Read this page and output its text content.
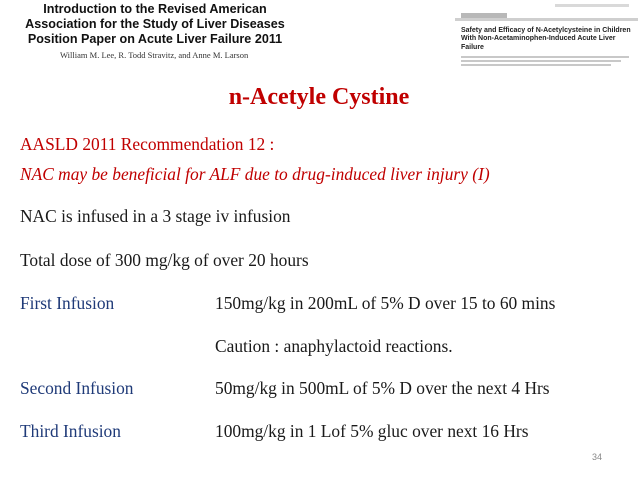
Introduction to the Revised American Association for the Study of Liver Diseases Position Paper on Acute Liver Failure 2011
William M. Lee, R. Todd Stravitz, and Anne M. Larson
Safety and Efficacy of N-Acetylcysteine in Children With Non-Acetaminophen-Induced Acute Liver Failure
n-Acetyle Cystine
AASLD 2011 Recommendation 12 :
NAC may be beneficial for ALF due to drug-induced liver injury (I)
NAC is infused in a 3 stage iv infusion
Total dose of 300 mg/kg of over 20 hours
First Infusion	150mg/kg in 200mL of 5% D over 15 to 60 mins
Caution : anaphylactoid reactions.
Second Infusion	50mg/kg in 500mL of 5% D over the next 4 Hrs
Third Infusion	100mg/kg in 1 Lof 5% gluc over next 16 Hrs
34
